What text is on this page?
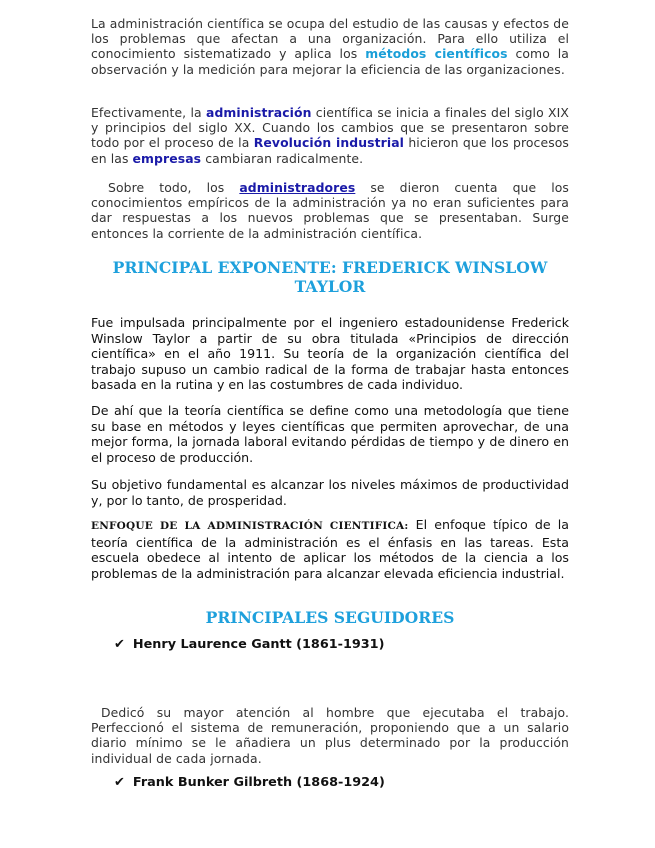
La administración científica se ocupa del estudio de las causas y efectos de los problemas que afectan a una organización. Para ello utiliza el conocimiento sistematizado y aplica los métodos científicos como la observación y la medición para mejorar la eficiencia de las organizaciones.

Efectivamente, la administración científica se inicia a finales del siglo XIX y principios del siglo XX. Cuando los cambios que se presentaron sobre todo por el proceso de la Revolución industrial hicieron que los procesos en las empresas cambiaran radicalmente.

Sobre todo, los administradores se dieron cuenta que los conocimientos empíricos de la administración ya no eran suficientes para dar respuestas a los nuevos problemas que se presentaban. Surge entonces la corriente de la administración científica.

PRINCIPAL EXPONENTE: FREDERICK WINSLOW TAYLOR

Fue impulsada principalmente por el ingeniero estadounidense Frederick Winslow Taylor a partir de su obra titulada «Principios de dirección científica» en el año 1911. Su teoría de la organización científica del trabajo supuso un cambio radical de la forma de trabajar hasta entonces basada en la rutina y en las costumbres de cada individuo.

De ahí que la teoría científica se define como una metodología que tiene su base en métodos y leyes científicas que permiten aprovechar, de una mejor forma, la jornada laboral evitando pérdidas de tiempo y de dinero en el proceso de producción.

Su objetivo fundamental es alcanzar los niveles máximos de productividad y, por lo tanto, de prosperidad.

ENFOQUE DE LA ADMINISTRACIÓN CIENTIFICA: El enfoque típico de la teoría científica de la administración es el énfasis en las tareas. Esta escuela obedece al intento de aplicar los métodos de la ciencia a los problemas de la administración para alcanzar elevada eficiencia industrial.

PRINCIPALES SEGUIDORES
✔ Henry Laurence Gantt (1861-1931)

Dedicó su mayor atención al hombre que ejecutaba el trabajo. Perfeccionó el sistema de remuneración, proponiendo que a un salario diario mínimo se le añadiera un plus determinado por la producción individual de cada jornada.

✔ Frank Bunker Gilbreth (1868-1924)
